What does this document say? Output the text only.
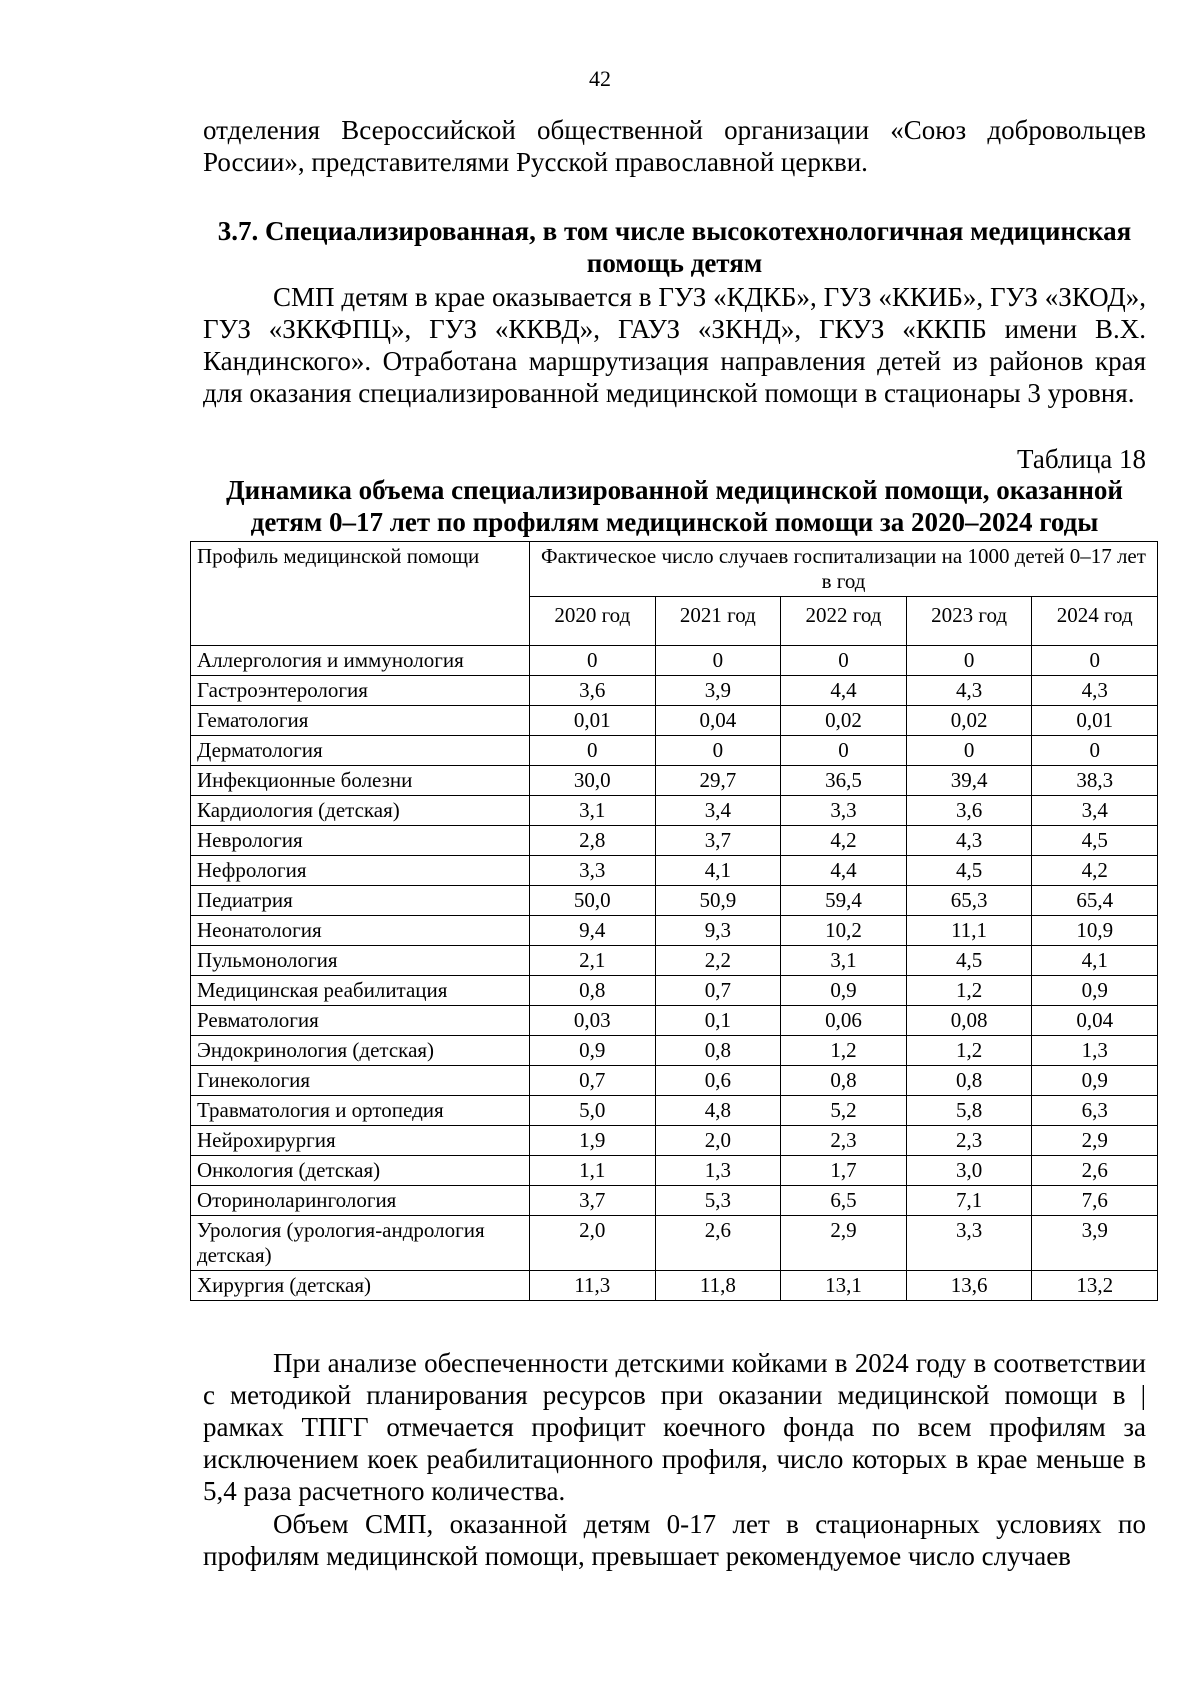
42

отделения Всероссийской общественной организации «Союз добровольцев России», представителями Русской православной церкви.

3.7. Специализированная, в том числе высокотехнологичная медицинская помощь детям

СМП детям в крае оказывается в ГУЗ «КДКБ», ГУЗ «ККИБ», ГУЗ «ЗКОД», ГУЗ «ЗККФПЦ», ГУЗ «ККВД», ГАУЗ «ЗКНД», ГКУЗ «ККПБ имени В.Х. Кандинского». Отработана маршрутизация направления детей из районов края для оказания специализированной медицинской помощи в стационары 3 уровня.

Таблица 18

Динамика объема специализированной медицинской помощи, оказанной детям 0–17 лет по профилям медицинской помощи за 2020–2024 годы

Профиль медицинской помощи	Фактическое число случаев госпитализации на 1000 детей 0–17 лет в год				
	2020 год	2021 год	2022 год	2023 год	2024 год
Аллергология и иммунология	0	0	0	0	0
Гастроэнтерология	3,6	3,9	4,4	4,3	4,3
Гематология	0,01	0,04	0,02	0,02	0,01
Дерматология	0	0	0	0	0
Инфекционные болезни	30,0	29,7	36,5	39,4	38,3
Кардиология (детская)	3,1	3,4	3,3	3,6	3,4
Неврология	2,8	3,7	4,2	4,3	4,5
Нефрология	3,3	4,1	4,4	4,5	4,2
Педиатрия	50,0	50,9	59,4	65,3	65,4
Неонатология	9,4	9,3	10,2	11,1	10,9
Пульмонология	2,1	2,2	3,1	4,5	4,1
Медицинская реабилитация	0,8	0,7	0,9	1,2	0,9
Ревматология	0,03	0,1	0,06	0,08	0,04
Эндокринология (детская)	0,9	0,8	1,2	1,2	1,3
Гинекология	0,7	0,6	0,8	0,8	0,9
Травматология и ортопедия	5,0	4,8	5,2	5,8	6,3
Нейрохирургия	1,9	2,0	2,3	2,3	2,9
Онкология (детская)	1,1	1,3	1,7	3,0	2,6
Оториноларингология	3,7	5,3	6,5	7,1	7,6
Урология (урология-андрология детская)	2,0	2,6	2,9	3,3	3,9
Хирургия (детская)	11,3	11,8	13,1	13,6	13,2

При анализе обеспеченности детскими койками в 2024 году в соответствии с методикой планирования ресурсов при оказании медицинской помощи в |рамках ТПГГ отмечается профицит коечного фонда по всем профилям за исключением коек реабилитационного профиля, число которых в крае меньше в 5,4 раза расчетного количества.

Объем СМП, оказанной детям 0-17 лет в стационарных условиях по профилям медицинской помощи, превышает рекомендуемое число случаев
